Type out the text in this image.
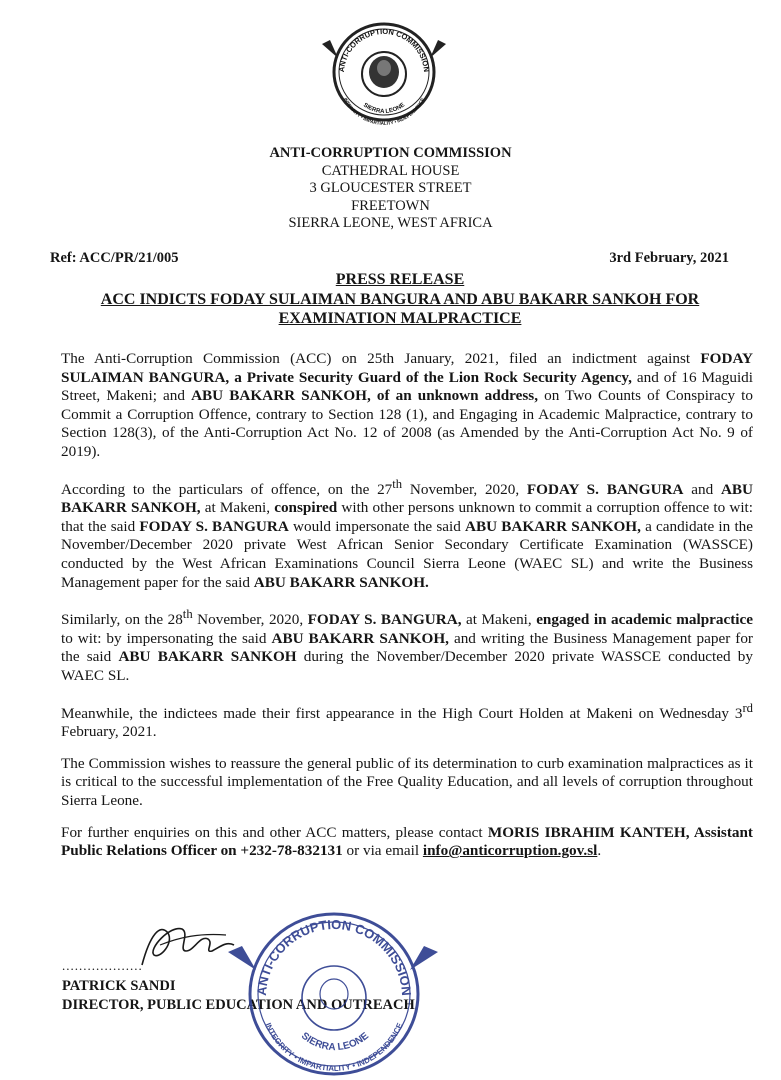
ANTI-CORRUPTION COMMISSION
SIERRA LEONE
INTEGRITY • IMPARTIALITY • INDEPENDENCE
ANTI-CORRUPTION COMMISSION
CATHEDRAL HOUSE
3 GLOUCESTER STREET
FREETOWN
SIERRA LEONE, WEST AFRICA
Ref: ACC/PR/21/005	3rd February, 2021
PRESS RELEASE
ACC INDICTS FODAY SULAIMAN BANGURA AND ABU BAKARR SANKOH FOR
EXAMINATION MALPRACTICE

The Anti-Corruption Commission (ACC) on 25th January, 2021, filed an indictment against FODAY SULAIMAN BANGURA, a Private Security Guard of the Lion Rock Security Agency, and of 16 Maguidi Street, Makeni; and ABU BAKARR SANKOH, of an unknown address, on Two Counts of Conspiracy to Commit a Corruption Offence, contrary to Section 128 (1), and Engaging in Academic Malpractice, contrary to Section 128(3), of the Anti-Corruption Act No. 12 of 2008 (as Amended by the Anti-Corruption Act No. 9 of 2019).

According to the particulars of offence, on the 27th November, 2020, FODAY S. BANGURA and ABU BAKARR SANKOH, at Makeni, conspired with other persons unknown to commit a corruption offence to wit: that the said FODAY S. BANGURA would impersonate the said ABU BAKARR SANKOH, a candidate in the November/December 2020 private West African Senior Secondary Certificate Examination (WASSCE) conducted by the West African Examinations Council Sierra Leone (WAEC SL) and write the Business Management paper for the said ABU BAKARR SANKOH.

Similarly, on the 28th November, 2020, FODAY S. BANGURA, at Makeni, engaged in academic malpractice to wit: by impersonating the said ABU BAKARR SANKOH, and writing the Business Management paper for the said ABU BAKARR SANKOH during the November/December 2020 private WASSCE conducted by WAEC SL.

Meanwhile, the indictees made their first appearance in the High Court Holden at Makeni on Wednesday 3rd February, 2021.

The Commission wishes to reassure the general public of its determination to curb examination malpractices as it is critical to the successful implementation of the Free Quality Education, and all levels of corruption throughout Sierra Leone.

For further enquiries on this and other ACC matters, please contact MORIS IBRAHIM KANTEH, Assistant Public Relations Officer on +232-78-832131 or via email info@anticorruption.gov.sl.

...................
PATRICK SANDI
DIRECTOR, PUBLIC EDUCATION AND OUTREACH
ANTI-CORRUPTION COMMISSION
SIERRA LEONE
INTEGRITY • IMPARTIALITY • INDEPENDENCE
